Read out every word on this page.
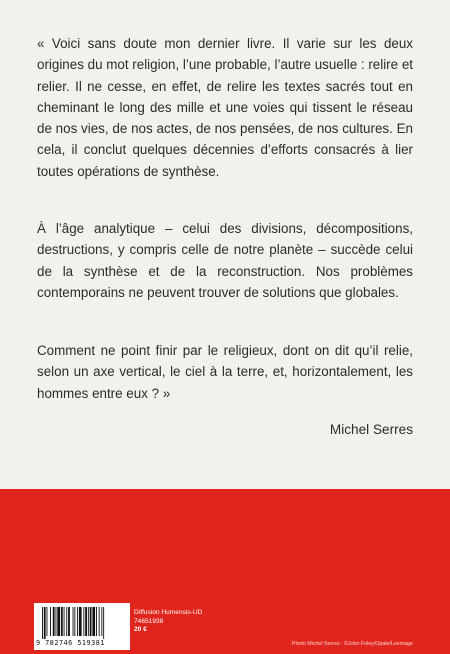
« Voici sans doute mon dernier livre. Il varie sur les deux origines du mot religion, l’une probable, l’autre usuelle : relire et relier. Il ne cesse, en effet, de relire les textes sacrés tout en cheminant le long des mille et une voies qui tissent le réseau de nos vies, de nos actes, de nos pensées, de nos cultures. En cela, il conclut quelques décennies d’efforts consacrés à lier toutes opérations de synthèse.

À l’âge analytique – celui des divisions, décompositions, destructions, y compris celle de notre planète – succède celui de la synthèse et de la reconstruction. Nos problèmes contemporains ne peuvent trouver de solutions que globales.

Comment ne point finir par le religieux, dont on dit qu’il relie, selon un axe vertical, le ciel à la terre, et, horizontalement, les hommes entre eux ? »

Michel Serres
9 782746 519381
Diffusion Humensis-UD
74651938
20 €
Photo Michel Serres : ©John Foley/Opale/Leemage
